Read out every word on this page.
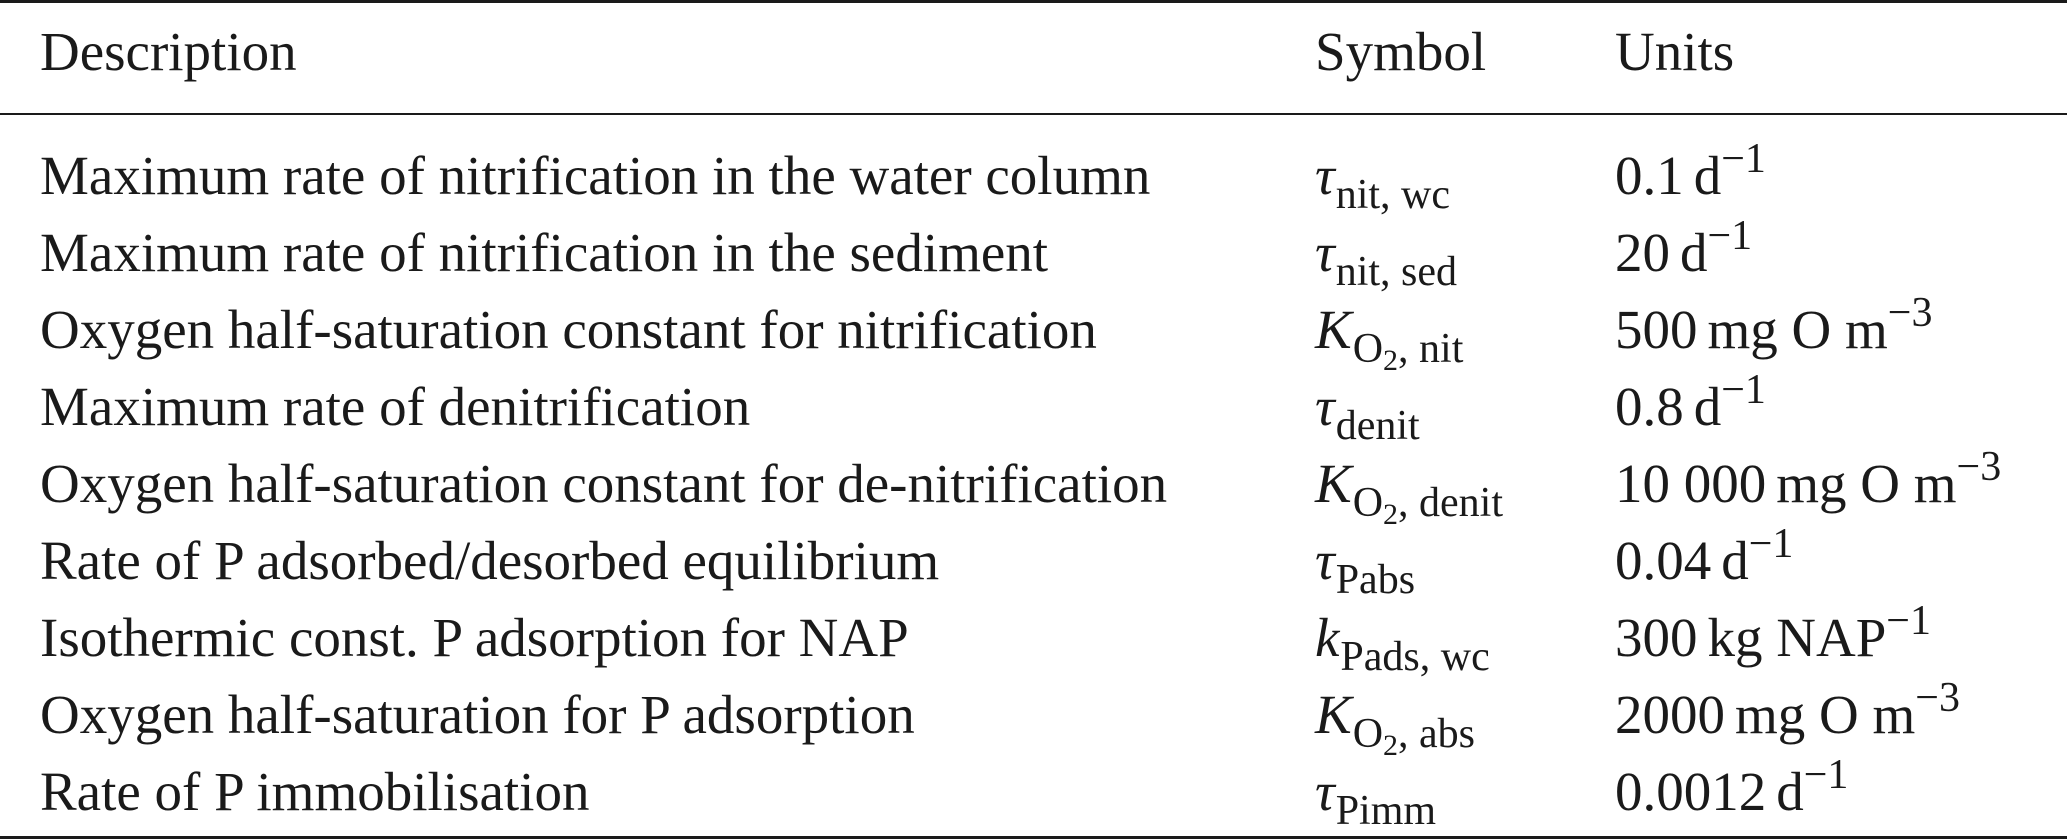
Description	Symbol Units
Maximum rate of nitrification in the water column	$\tau_{nit, wc}$	0.1 $d^{-1}$
Maximum rate of nitrification in the sediment	$\tau_{nit, sed}$	20 $d^{-1}$
Oxygen half-saturation constant for nitrification	$K_{O2, nit}$	500 mg O $m^{-3}$
Maximum rate of denitrification	$\tau_{denit}$	0.8 $d^{-1}$
Oxygen half-saturation constant for de-nitrification	$K_{O2, denit}$ 10 000 mg O $m^{-3}$
Rate of P adsorbed/desorbed equilibrium	$\tau_{Pabs}$	0.04 $d^{-1}$
Isothermic const. P adsorption for NAP	$k_{Pads, wc}$ 300 kg $NAP^{-1}$
Oxygen half-saturation for P adsorption	$K_{O2, abs}$	2000 mg O $m^{-3}$
Rate of P immobilisation	$\tau_{Pimm}$	0.0012 $d^{-1}$
